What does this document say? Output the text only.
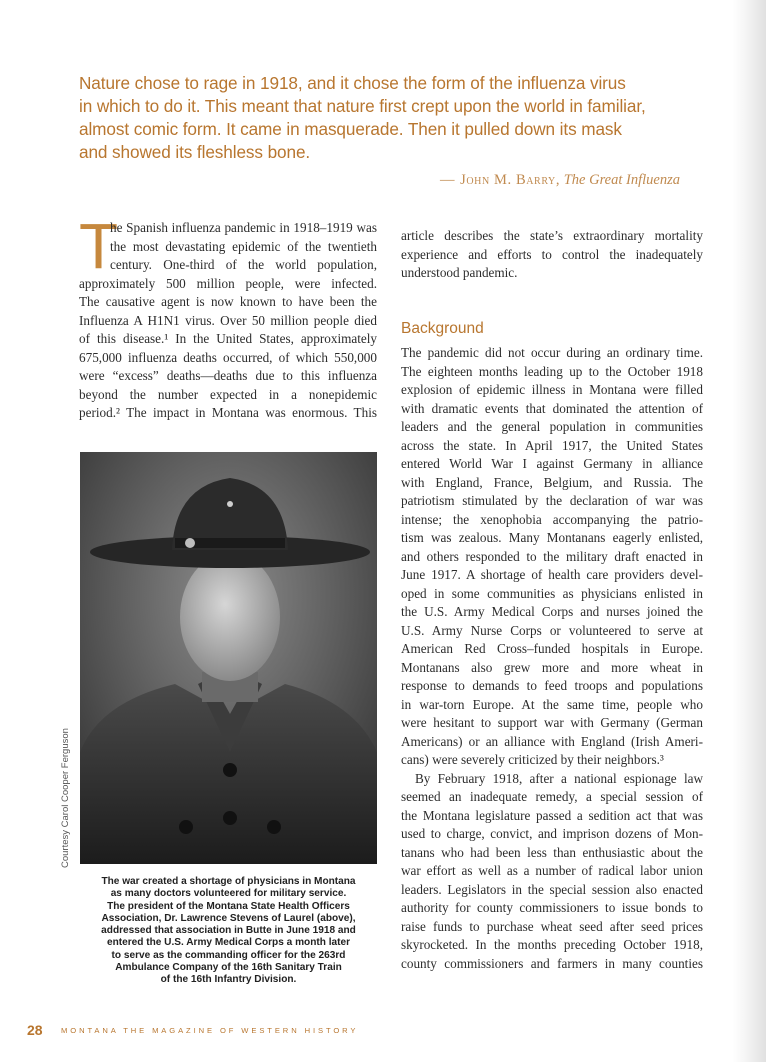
Nature chose to rage in 1918, and it chose the form of the influenza virus
in which to do it. This meant that nature first crept upon the world in familiar,
almost comic form. It came in masquerade. Then it pulled down its mask
and showed its fleshless bone.
— John M. Barry, The Great Influenza
T
he Spanish influenza pandemic in 1918–1919 was
the most devastating epidemic of the twentieth
century. One-third of the world population,
approximately 500 million people, were infected.
The causative agent is now known to have been the
Influenza A H1N1 virus. Over 50 million people died
of this disease.¹ In the United States, approximately
675,000 influenza deaths occurred, of which 550,000
were “excess” deaths—deaths due to this influenza
beyond the number expected in a nonepidemic
period.² The impact in Montana was enormous. This
article describes the state’s extraordinary mortality
experience and efforts to control the inadequately
understood pandemic.
Background
The pandemic did not occur during an ordinary time.
The eighteen months leading up to the October 1918
explosion of epidemic illness in Montana were filled
with dramatic events that dominated the attention of
leaders and the general population in communities
across the state. In April 1917, the United States
entered World War I against Germany in alliance
with England, France, Belgium, and Russia. The
patriotism stimulated by the declaration of war was
intense; the xenophobia accompanying the patrio-
tism was zealous. Many Montanans eagerly enlisted,
and others responded to the military draft enacted in
June 1917. A shortage of health care providers devel-
oped in some communities as physicians enlisted in
the U.S. Army Medical Corps and nurses joined the
U.S. Army Nurse Corps or volunteered to serve at
American Red Cross–funded hospitals in Europe.
Montanans also grew more and more wheat in
response to demands to feed troops and populations
in war-torn Europe. At the same time, people who
were hesitant to support war with Germany (German
Americans) or an alliance with England (Irish Ameri-
cans) were severely criticized by their neighbors.³
By February 1918, after a national espionage law
seemed an inadequate remedy, a special session of
the Montana legislature passed a sedition act that was
used to charge, convict, and imprison dozens of Mon-
tanans who had been less than enthusiastic about the
war effort as well as a number of radical labor union
leaders. Legislators in the special session also enacted
authority for county commissioners to issue bonds to
raise funds to purchase wheat seed after seed prices
skyrocketed. In the months preceding October 1918,
county commissioners and farmers in many counties
Courtesy Carol Cooper Ferguson
The war created a shortage of physicians in Montana
as many doctors volunteered for military service.
The president of the Montana State Health Officers
Association, Dr. Lawrence Stevens of Laurel (above),
addressed that association in Butte in June 1918 and
entered the U.S. Army Medical Corps a month later
to serve as the commanding officer for the 263rd
Ambulance Company of the 16th Sanitary Train
of the 16th Infantry Division.
28 MONTANA THE MAGAZINE OF WESTERN HISTORY
